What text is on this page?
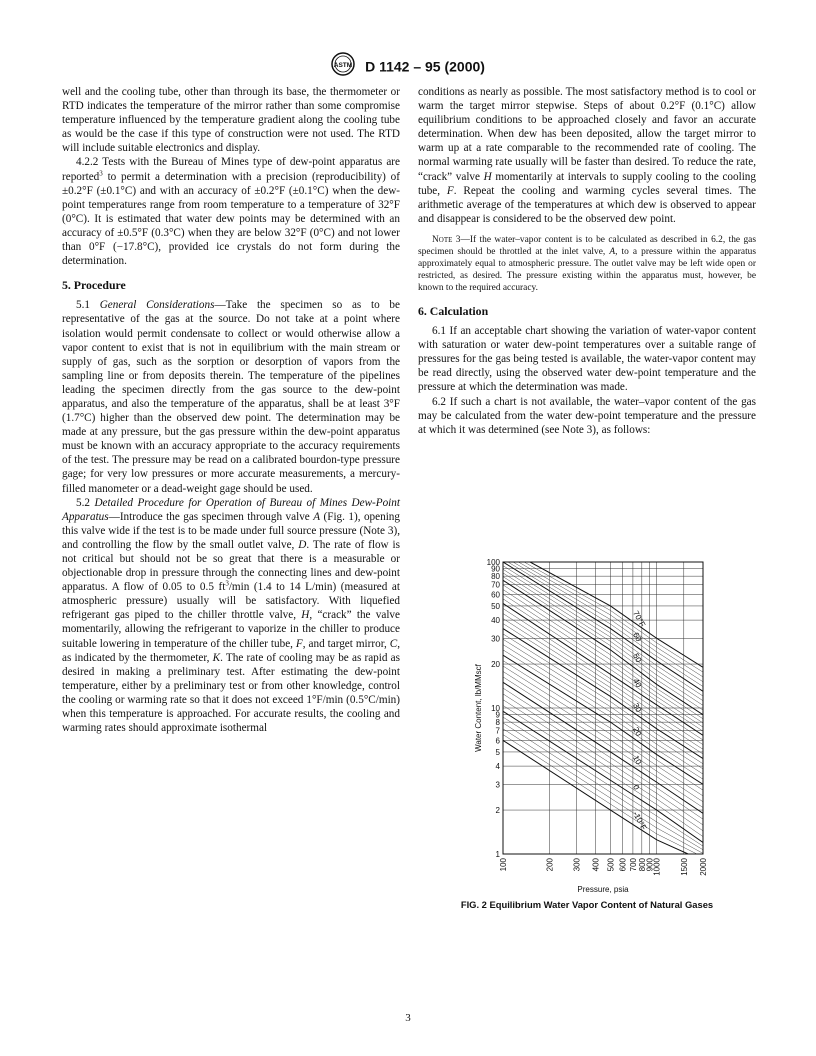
ASTM D 1142 – 95 (2000)

well and the cooling tube, other than through its base, the thermometer or RTD indicates the temperature of the mirror rather than some compromise temperature influenced by the temperature gradient along the cooling tube as would be the case if this type of construction were not used. The RTD will include suitable electronics and display.

4.2.2 Tests with the Bureau of Mines type of dew-point apparatus are reported$^3$ to permit a determination with a precision (reproducibility) of ±0.2°F (±0.1°C) and with an accuracy of ±0.2°F (±0.1°C) when the dew-point temperatures range from room temperature to a temperature of 32°F (0°C). It is estimated that water dew points may be determined with an accuracy of ±0.5°F (0.3°C) when they are below 32°F (0°C) and not lower than 0°F (−17.8°C), provided ice crystals do not form during the determination.

5. Procedure

5.1 General Considerations—Take the specimen so as to be representative of the gas at the source. Do not take at a point where isolation would permit condensate to collect or would otherwise allow a vapor content to exist that is not in equilibrium with the main stream or supply of gas, such as the sorption or desorption of vapors from the sampling line or from deposits therein. The temperature of the pipelines leading the specimen directly from the gas source to the dew-point apparatus, and also the temperature of the apparatus, shall be at least 3°F (1.7°C) higher than the observed dew point. The determination may be made at any pressure, but the gas pressure within the dew-point apparatus must be known with an accuracy appropriate to the accuracy requirements of the test. The pressure may be read on a calibrated bourdon-type pressure gage; for very low pressures or more accurate measurements, a mercury-filled manometer or a dead-weight gage should be used.

5.2 Detailed Procedure for Operation of Bureau of Mines Dew-Point Apparatus—Introduce the gas specimen through valve A (Fig. 1), opening this valve wide if the test is to be made under full source pressure (Note 3), and controlling the flow by the small outlet valve, D. The rate of flow is not critical but should not be so great that there is a measurable or objectionable drop in pressure through the connecting lines and dew-point apparatus. A flow of 0.05 to 0.5 $ft^3/\min$ (1.4 to 14 L/min) (measured at atmospheric pressure) usually will be satisfactory. With liquefied refrigerant gas piped to the chiller throttle valve, H, “crack” the valve momentarily, allowing the refrigerant to vaporize in the chiller to produce suitable lowering in temperature of the chiller tube, F, and target mirror, C, as indicated by the thermometer, K. The rate of cooling may be as rapid as desired in making a preliminary test. After estimating the dew-point temperature, either by a preliminary test or from other knowledge, control the cooling or warming rate so that it does not exceed 1°F/min (0.5°C/min) when this temperature is approached. For accurate results, the cooling and warming rates should approximate isothermal

conditions as nearly as possible. The most satisfactory method is to cool or warm the target mirror stepwise. Steps of about 0.2°F (0.1°C) allow equilibrium conditions to be approached closely and favor an accurate determination. When dew has been deposited, allow the target mirror to warm up at a rate comparable to the recommended rate of cooling. The normal warming rate usually will be faster than desired. To reduce the rate, “crack” valve H momentarily at intervals to supply cooling to the cooling tube, F. Repeat the cooling and warming cycles several times. The arithmetic average of the temperatures at which dew is observed to appear and disappear is considered to be the observed dew point.

Note 3—If the water–vapor content is to be calculated as described in 6.2, the gas specimen should be throttled at the inlet valve, A, to a pressure within the apparatus approximately equal to atmospheric pressure. The outlet valve may be left wide open or restricted, as desired. The pressure existing within the apparatus must, however, be known to the required accuracy.

6. Calculation

6.1 If an acceptable chart showing the variation of water-vapor content with saturation or water dew-point temperatures over a suitable range of pressures for the gas being tested is available, the water-vapor content may be read directly, using the observed water dew-point temperature and the pressure at which the determination was made.

6.2 If such a chart is not available, the water–vapor content of the gas may be calculated from the water dew-point temperature and the pressure at which it was determined (see Note 3), as follows:

1
2
3
4
5
6
7
8
9
10
20
30
40
50
60
70
80
90
100
100	200 300 400 500 600 700 800
900
1000 1500 2000
Pressure, psia
Water Content, lb/MMscf
70°F
60
50
40
30
20
10
0
-10°F
FIG. 2 Equilibrium Water Vapor Content of Natural Gases
3
